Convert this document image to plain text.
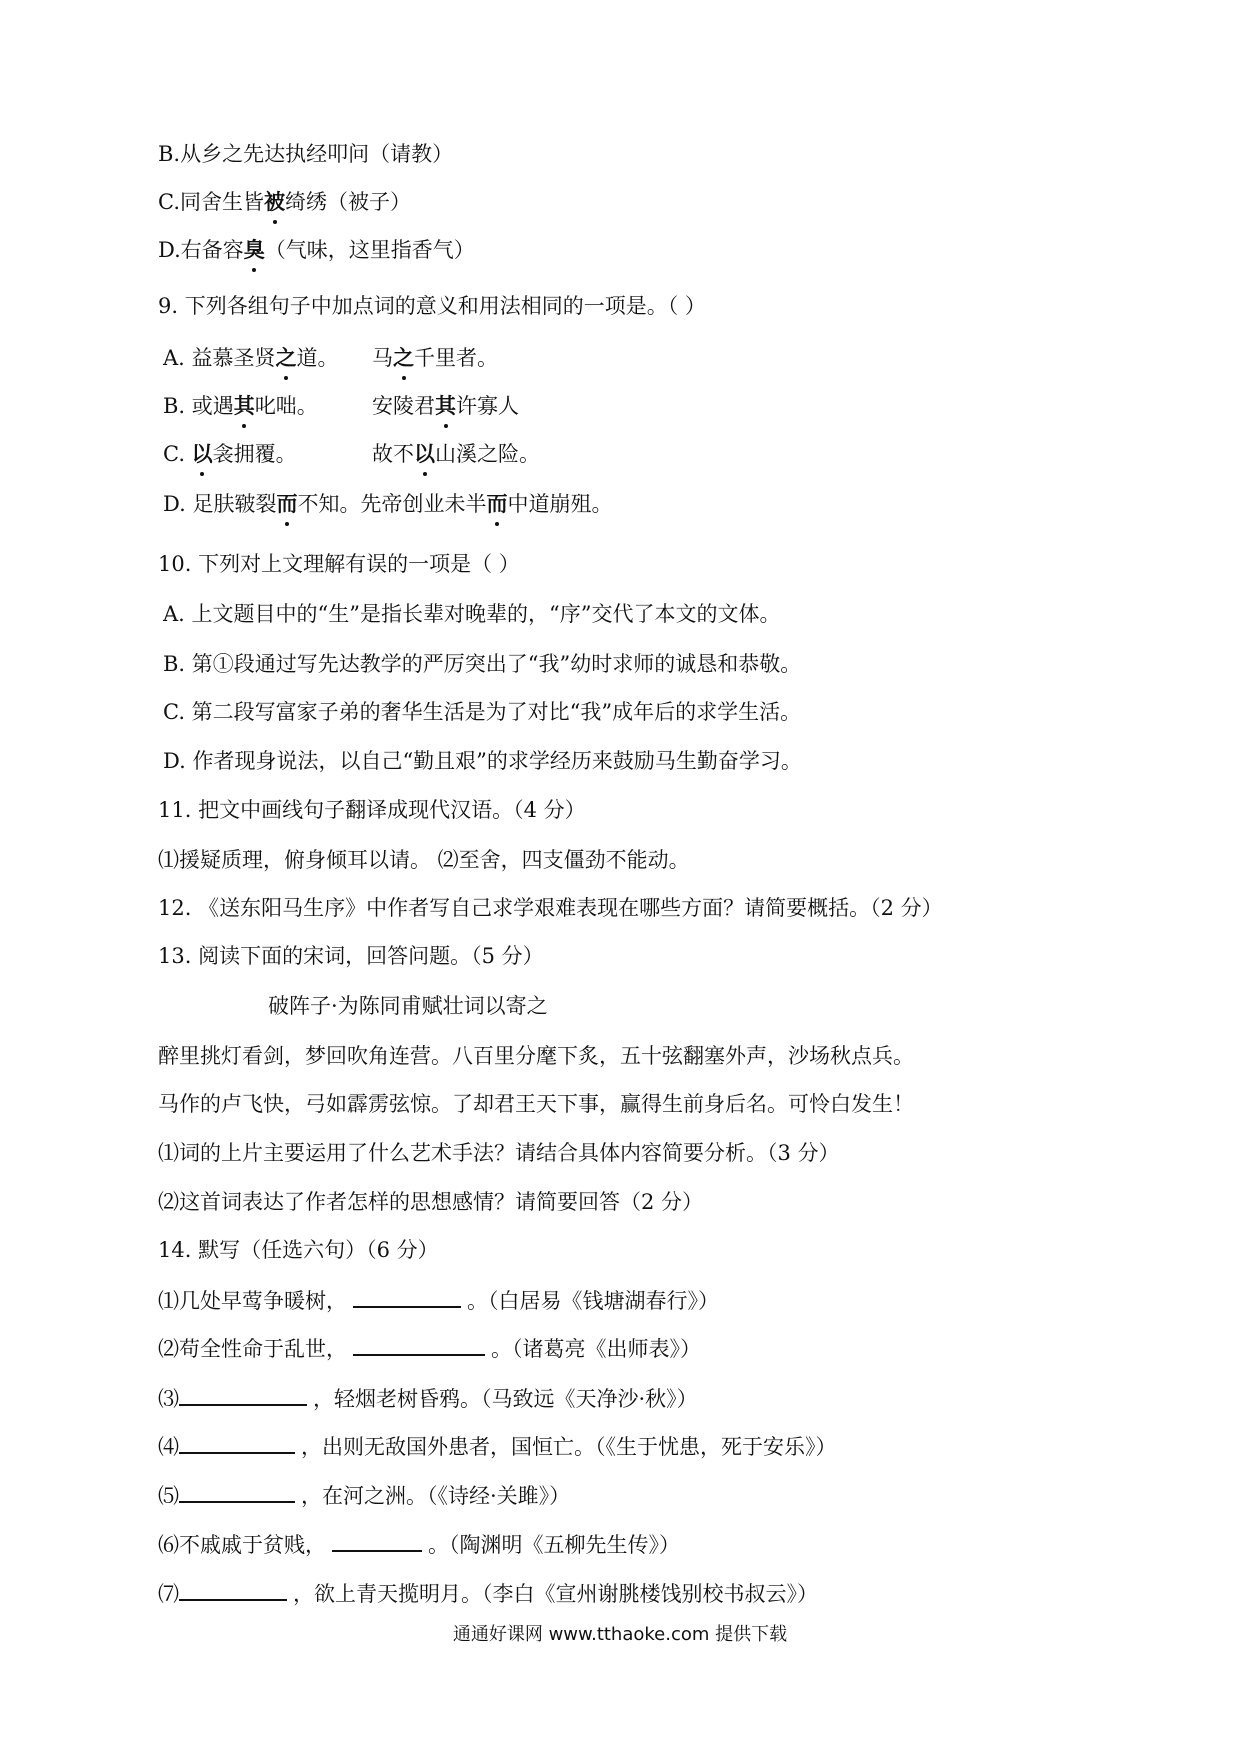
B.从乡之先达执经叩问（请教）
C.同舍生皆被绮绣（被子）
D.右备容臭（气味，这里指香气）
9. 下列各组句子中加点词的意义和用法相同的一项是。（ ）
A. 益慕圣贤之道。 马之千里者。
B. 或遇其叱咄。	安陵君其许寡人
C. 以衾拥覆。	故不以山溪之险。
D. 足肤皲裂而不知。先帝创业未半而中道崩殂。
10. 下列对上文理解有误的一项是（ ）
A. 上文题目中的“生”是指长辈对晚辈的，“序”交代了本文的文体。
B. 第①段通过写先达教学的严厉突出了“我”幼时求师的诚恳和恭敬。
C. 第二段写富家子弟的奢华生活是为了对比“我”成年后的求学生活。
D. 作者现身说法，以自己“勤且艰”的求学经历来鼓励马生勤奋学习。
11. 把文中画线句子翻译成现代汉语。（4 分）
⑴援疑质理，俯身倾耳以请。 ⑵至舍，四支僵劲不能动。
12. 《送东阳马生序》中作者写自己求学艰难表现在哪些方面？请简要概括。（2 分）
13. 阅读下面的宋词，回答问题。（5 分）
破阵子·为陈同甫赋壮词以寄之
醉里挑灯看剑，梦回吹角连营。八百里分麾下炙，五十弦翻塞外声，沙场秋点兵。
马作的卢飞快，弓如霹雳弦惊。了却君王天下事，赢得生前身后名。可怜白发生！
⑴词的上片主要运用了什么艺术手法？请结合具体内容简要分析。（3 分）
⑵这首词表达了作者怎样的思想感情？请简要回答（2 分）
14. 默写（任选六句）（6 分）
⑴几处早莺争暖树，	。（白居易《钱塘湖春行》）
⑵苟全性命于乱世，	。（诸葛亮《出师表》）
⑶	，轻烟老树昏鸦。（马致远《天净沙·秋》）
⑷	，出则无敌国外患者，国恒亡。（《生于忧患，死于安乐》）
⑸	，在河之洲。（《诗经·关雎》）
⑹不戚戚于贫贱，	。（陶渊明《五柳先生传》）
⑺	，欲上青天揽明月。（李白《宣州谢朓楼饯别校书叔云》）
通通好课网 www.tthaoke.com 提供下载
